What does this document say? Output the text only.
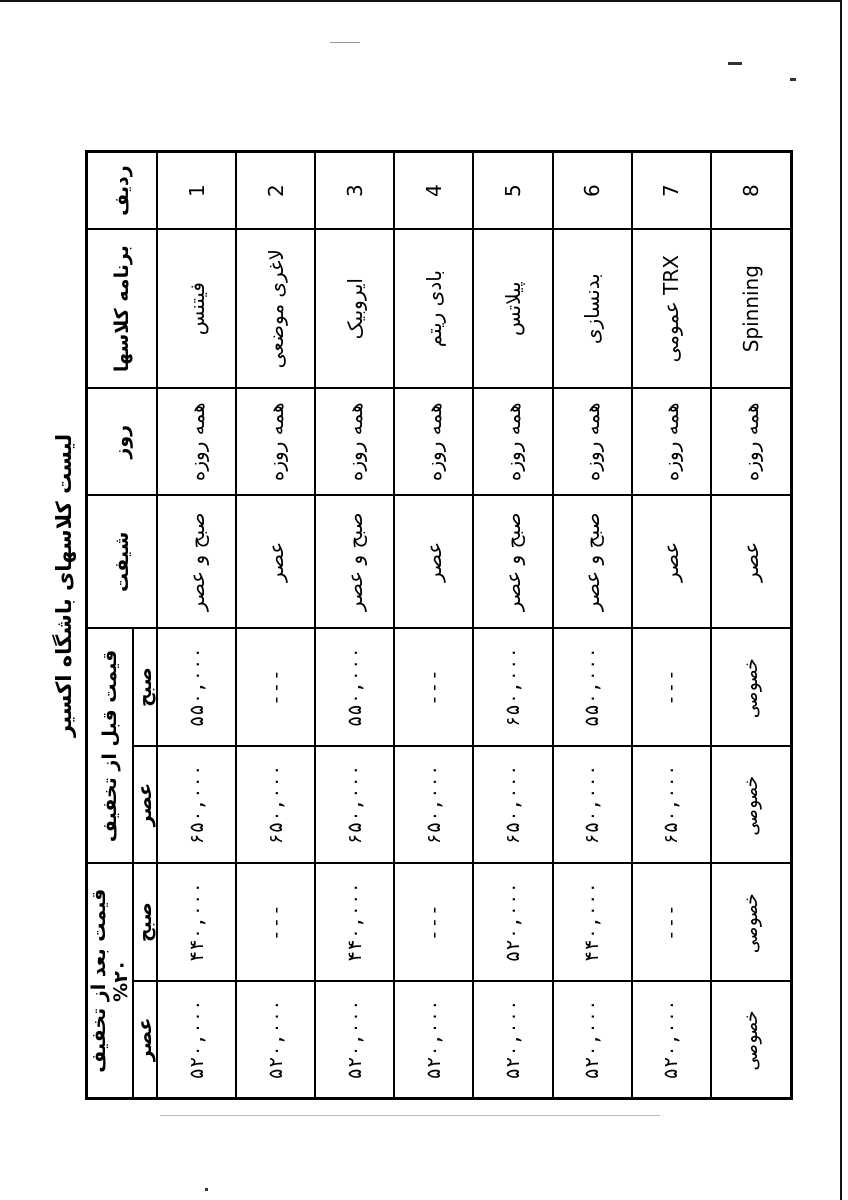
ردیف	برنامه کلاسها	روز	شیفت	قیمت قبل از تخفیف		قیمت بعد از تخفیف ۲۰%	
				صبح	عصر	صبح	عصر
1	فیتنس	همه روزه	صبح و عصر	۵۵۰,۰۰۰	۶۵۰,۰۰۰	۴۴۰,۰۰۰	۵۲۰,۰۰۰
2	لاغری موضعی	همه روزه	عصر	---	۶۵۰,۰۰۰	---	۵۲۰,۰۰۰
3	ایروبیک	همه روزه	صبح و عصر	۵۵۰,۰۰۰	۶۵۰,۰۰۰	۴۴۰,۰۰۰	۵۲۰,۰۰۰
4	بادی ریتم	همه روزه	عصر	---	۶۵۰,۰۰۰	---	۵۲۰,۰۰۰
5	پیلاتس	همه روزه	صبح و عصر	۶۵۰,۰۰۰	۶۵۰,۰۰۰	۵۲۰,۰۰۰	۵۲۰,۰۰۰
6	بدنسازی	همه روزه	صبح و عصر	۵۵۰,۰۰۰	۶۵۰,۰۰۰	۴۴۰,۰۰۰	۵۲۰,۰۰۰
7	TRX عمومی	همه روزه	عصر	---	۶۵۰,۰۰۰	---	۵۲۰,۰۰۰
8	Spinning	همه روزه	عصر	خصوصی	خصوصی	خصوصی	خصوصی
لیست کلاسهای باشگاه اکسیر
